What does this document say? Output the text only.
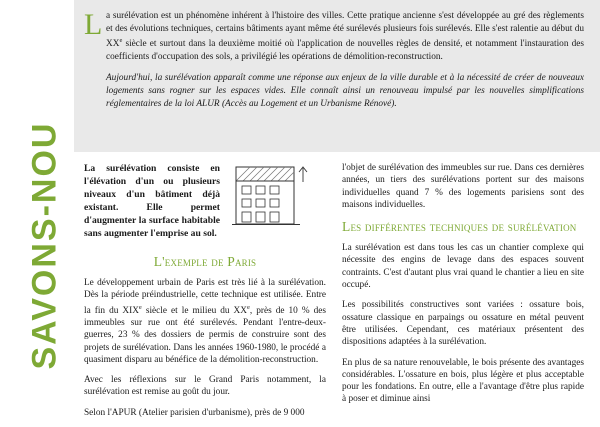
SAVONS-NOU
L a surélévation est un phénomène inhérent à l'histoire des villes. Cette pratique ancienne s'est développée au gré des règlements et des évolutions techniques, certains bâtiments ayant même été surélevés plusieurs fois surélevés. Elle s'est ralentie au début du XXe siècle et surtout dans la deuxième moitié où l'application de nouvelles règles de densité, et notamment l'instauration des coefficients d'occupation des sols, a privilégié les opérations de démolition-reconstruction.

Aujourd'hui, la surélévation apparaît comme une réponse aux enjeux de la ville durable et à la nécessité de créer de nouveaux logements sans rogner sur les espaces vides. Elle connaît ainsi un renouveau impulsé par les nouvelles simplifications réglementaires de la loi ALUR (Accès au Logement et un Urbanisme Rénové).

La surélévation consiste en l'élévation d'un ou plusieurs niveaux d'un bâtiment déjà existant. Elle permet d'augmenter la surface habitable sans augmenter l'emprise au sol.
L'exemple de Paris

Le développement urbain de Paris est très lié à la surélévation. Dès la période préindustrielle, cette technique est utilisée. Entre la fin du XIXe siècle et le milieu du XXe, près de 10 % des immeubles sur rue ont été surélevés. Pendant l'entre-deux-guerres, 23 % des dossiers de permis de construire sont des projets de surélévation. Dans les années 1960-1980, le procédé a quasiment disparu au bénéfice de la démolition-reconstruction.

Avec les réflexions sur le Grand Paris notamment, la surélévation est remise au goût du jour.

Selon l'APUR (Atelier parisien d'urbanisme), près de 9 000

l'objet de surélévation des immeubles sur rue. Dans ces dernières années, un tiers des surélévations portent sur des maisons individuelles quand 7 % des logements parisiens sont des maisons individuelles.

Les différentes techniques de surélévation

La surélévation est dans tous les cas un chantier complexe qui nécessite des engins de levage dans des espaces souvent contraints. C'est d'autant plus vrai quand le chantier a lieu en site occupé.

Les possibilités constructives sont variées : ossature bois, ossature classique en parpaings ou ossature en métal peuvent être utilisées. Cependant, ces matériaux présentent des dispositions adaptées à la surélévation.

En plus de sa nature renouvelable, le bois présente des avantages considérables. L'ossature en bois, plus légère et plus acceptable pour les fondations. En outre, elle a l'avantage d'être plus rapide à poser et diminue ainsi
